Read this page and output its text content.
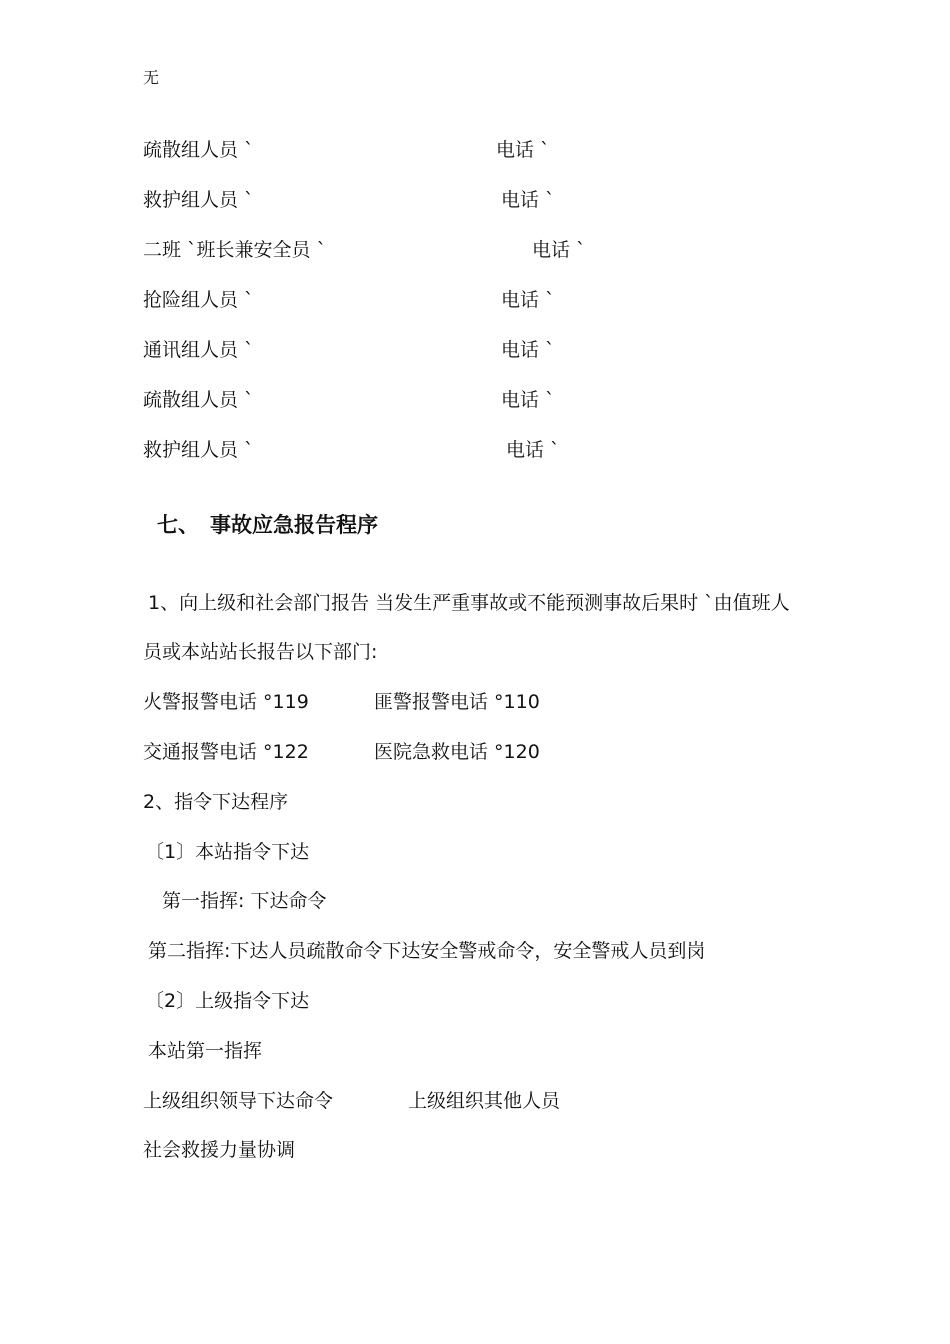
无
疏散组人员 `	电话 `
救护组人员 `	电话 `
二班 `班长兼安全员 `	电话 `
抢险组人员 `	电话 `
通讯组人员 `	电话 `
疏散组人员 `	电话 `
救护组人员 `	电话 `
七、 事故应急报告程序
1、向上级和社会部门报告 当发生严重事故或不能预测事故后果时 `由值班人
员或本站站长报告以下部门:
火警报警电话 °119	匪警报警电话 °110
交通报警电话 °122	医院急救电话 °120
2、指令下达程序
〔1〕本站指令下达
第一指挥: 下达命令
第二指挥:下达人员疏散命令下达安全警戒命令，安全警戒人员到岗
〔2〕上级指令下达
本站第一指挥
上级组织领导下达命令	上级组织其他人员
社会救援力量协调
